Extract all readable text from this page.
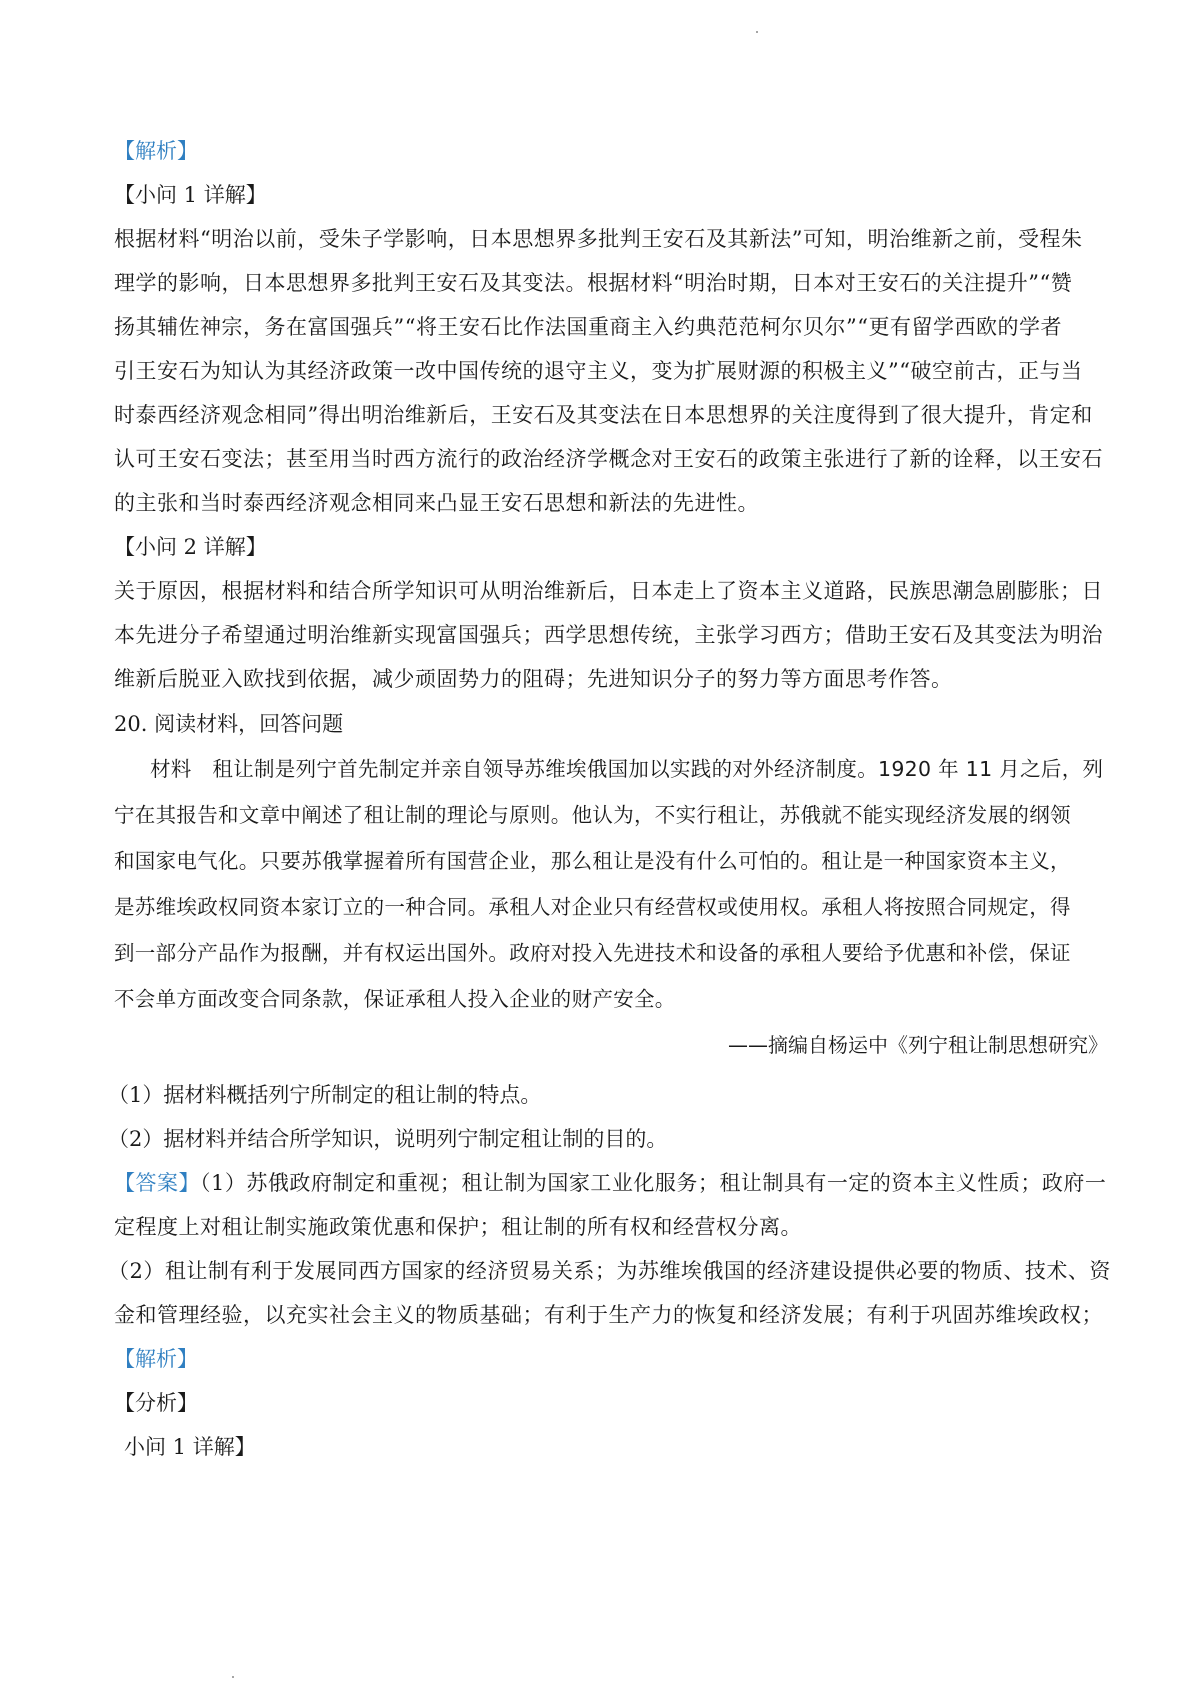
【解析】
【小问 1 详解】
根据材料“明治以前，受朱子学影响，日本思想界多批判王安石及其新法”可知，明治维新之前，受程朱
理学的影响，日本思想界多批判王安石及其变法。根据材料“明治时期，日本对王安石的关注提升”“赞
扬其辅佐神宗，务在富国强兵”“将王安石比作法国重商主入约典范范柯尔贝尔”“更有留学西欧的学者
引王安石为知认为其经济政策一改中国传统的退守主义，变为扩展财源的积极主义”“破空前古，正与当
时泰西经济观念相同”得出明治维新后，王安石及其变法在日本思想界的关注度得到了很大提升，肯定和
认可王安石变法；甚至用当时西方流行的政治经济学概念对王安石的政策主张进行了新的诠释，以王安石
的主张和当时泰西经济观念相同来凸显王安石思想和新法的先进性。
【小问 2 详解】
关于原因，根据材料和结合所学知识可从明治维新后，日本走上了资本主义道路，民族思潮急剧膨胀；日
本先进分子希望通过明治维新实现富国强兵；西学思想传统，主张学习西方；借助王安石及其变法为明治
维新后脱亚入欧找到依据，减少顽固势力的阻碍；先进知识分子的努力等方面思考作答。
20. 阅读材料，回答问题
材料　租让制是列宁首先制定并亲自领导苏维埃俄国加以实践的对外经济制度。1920 年 11 月之后，列
宁在其报告和文章中阐述了租让制的理论与原则。他认为，不实行租让，苏俄就不能实现经济发展的纲领
和国家电气化。只要苏俄掌握着所有国营企业，那么租让是没有什么可怕的。租让是一种国家资本主义，
是苏维埃政权同资本家订立的一种合同。承租人对企业只有经营权或使用权。承租人将按照合同规定，得
到一部分产品作为报酬，并有权运出国外。政府对投入先进技术和设备的承租人要给予优惠和补偿，保证
不会单方面改变合同条款，保证承租人投入企业的财产安全。
——摘编自杨运中《列宁租让制思想研究》
（1）据材料概括列宁所制定的租让制的特点。
（2）据材料并结合所学知识，说明列宁制定租让制的目的。
【答案】（1）苏俄政府制定和重视；租让制为国家工业化服务；租让制具有一定的资本主义性质；政府一
定程度上对租让制实施政策优惠和保护；租让制的所有权和经营权分离。
（2）租让制有利于发展同西方国家的经济贸易关系；为苏维埃俄国的经济建设提供必要的物质、技术、资
金和管理经验，以充实社会主义的物质基础；有利于生产力的恢复和经济发展；有利于巩固苏维埃政权；
【解析】
【分析】
小问 1 详解】
